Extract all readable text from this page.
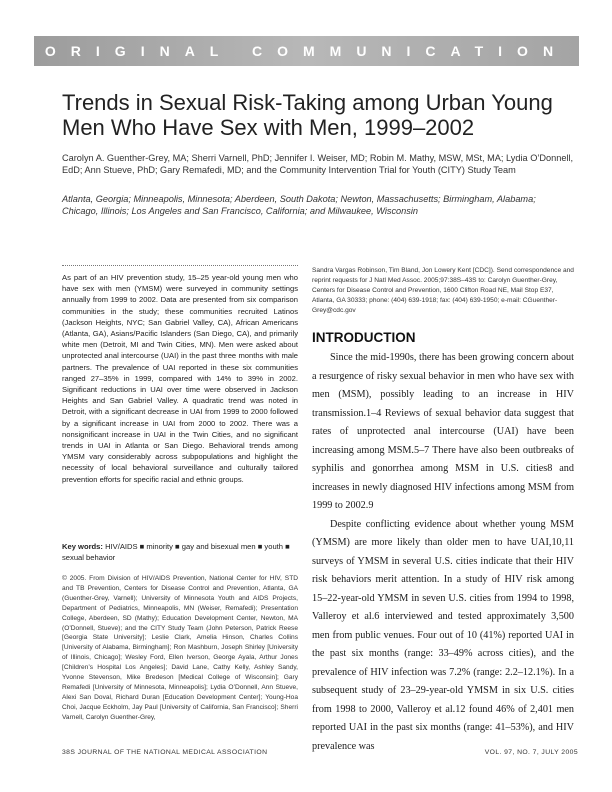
ORIGINAL COMMUNICATION
Trends in Sexual Risk-Taking among Urban Young Men Who Have Sex with Men, 1999–2002
Carolyn A. Guenther-Grey, MA; Sherri Varnell, PhD; Jennifer I. Weiser, MD; Robin M. Mathy, MSW, MSt, MA; Lydia O’Donnell, EdD; Ann Stueve, PhD; Gary Remafedi, MD; and the Community Intervention Trial for Youth (CITY) Study Team
Atlanta, Georgia; Minneapolis, Minnesota; Aberdeen, South Dakota; Newton, Massachusetts; Birmingham, Alabama; Chicago, Illinois; Los Angeles and San Francisco, California; and Milwaukee, Wisconsin
As part of an HIV prevention study, 15–25 year-old young men who have sex with men (YMSM) were surveyed in community settings annually from 1999 to 2002. Data are presented from six comparison communities in the study; these communities recruited Latinos (Jackson Heights, NYC; San Gabriel Valley, CA), African Americans (Atlanta, GA), Asians/Pacific Islanders (San Diego, CA), and primarily white men (Detroit, MI and Twin Cities, MN). Men were asked about unprotected anal intercourse (UAI) in the past three months with male partners. The prevalence of UAI reported in these six communities ranged 27–35% in 1999, compared with 14% to 39% in 2002. Significant reductions in UAI over time were observed in Jackson Heights and San Gabriel Valley. A quadratic trend was noted in Detroit, with a significant decrease in UAI from 1999 to 2000 followed by a significant increase in UAI from 2000 to 2002. There was a nonsignificant increase in UAI in the Twin Cities, and no significant trends in UAI in Atlanta or San Diego. Behavioral trends among YMSM vary considerably across subpopulations and highlight the necessity of local behavioral surveillance and culturally tailored prevention efforts for specific racial and ethnic groups.
Key words: HIV/AIDS ■ minority ■ gay and bisexual men ■ youth ■ sexual behavior
© 2005. From Division of HIV/AIDS Prevention, National Center for HIV, STD and TB Prevention, Centers for Disease Control and Prevention, Atlanta, GA (Guenther-Grey, Varnell); University of Minnesota Youth and AIDS Projects, Department of Pediatrics, Minneapolis, MN (Weiser, Remafedi); Presentation College, Aberdeen, SD (Mathy); Education Development Center, Newton, MA (O’Donnell, Stueve); and the CITY Study Team (John Peterson, Patrick Reese [Georgia State University]; Leslie Clark, Amelia Hinson, Charles Collins [University of Alabama, Birmingham]; Ron Mashburn, Joseph Shirley [University of Illinois, Chicago]; Wesley Ford, Ellen Iverson, George Ayala, Arthur Jones [Children’s Hospital Los Angeles]; David Lane, Cathy Kelly, Ashley Sandy, Yvonne Stevenson, Mike Bredeson [Medical College of Wisconsin]; Gary Remafedi [University of Minnesota, Minneapolis]; Lydia O’Donnell, Ann Stueve, Alexi San Doval, Richard Duran [Education Development Center]; Young-Hoa Choi, Jacque Eckholm, Jay Paul [University of California, San Francisco]; Sherri Varnell, Carolyn Guenther-Grey,
Sandra Vargas Robinson, Tim Bland, Jon Lowery Kent [CDC]). Send correspondence and reprint requests for J Natl Med Assoc. 2005;97:38S–43S to: Carolyn Guenther-Grey, Centers for Disease Control and Prevention, 1600 Clifton Road NE, Mail Stop E37, Atlanta, GA 30333; phone: (404) 639-1918; fax: (404) 639-1950; e-mail: CGuenther-Grey@cdc.gov
INTRODUCTION

Since the mid-1990s, there has been growing concern about a resurgence of risky sexual behavior in men who have sex with men (MSM), possibly leading to an increase in HIV transmission.1–4 Reviews of sexual behavior data suggest that rates of unprotected anal intercourse (UAI) have been increasing among MSM.5–7 There have also been outbreaks of syphilis and gonorrhea among MSM in U.S. cities8 and increases in newly diagnosed HIV infections among MSM from 1999 to 2002.9

Despite conflicting evidence about whether young MSM (YMSM) are more likely than older men to have UAI,10,11 surveys of YMSM in several U.S. cities indicate that their HIV risk behaviors merit attention. In a study of HIV risk among 15–22-year-old YMSM in seven U.S. cities from 1994 to 1998, Valleroy et al.6 interviewed and tested approximately 3,500 men from public venues. Four out of 10 (41%) reported UAI in the past six months (range: 33–49% across cities), and the prevalence of HIV infection was 7.2% (range: 2.2–12.1%). In a subsequent study of 23–29-year-old YMSM in six U.S. cities from 1998 to 2000, Valleroy et al.12 found 46% of 2,401 men reported UAI in the past six months (range: 41–53%), and HIV prevalence was

38S JOURNAL OF THE NATIONAL MEDICAL ASSOCIATION	VOL. 97, NO. 7, JULY 2005
